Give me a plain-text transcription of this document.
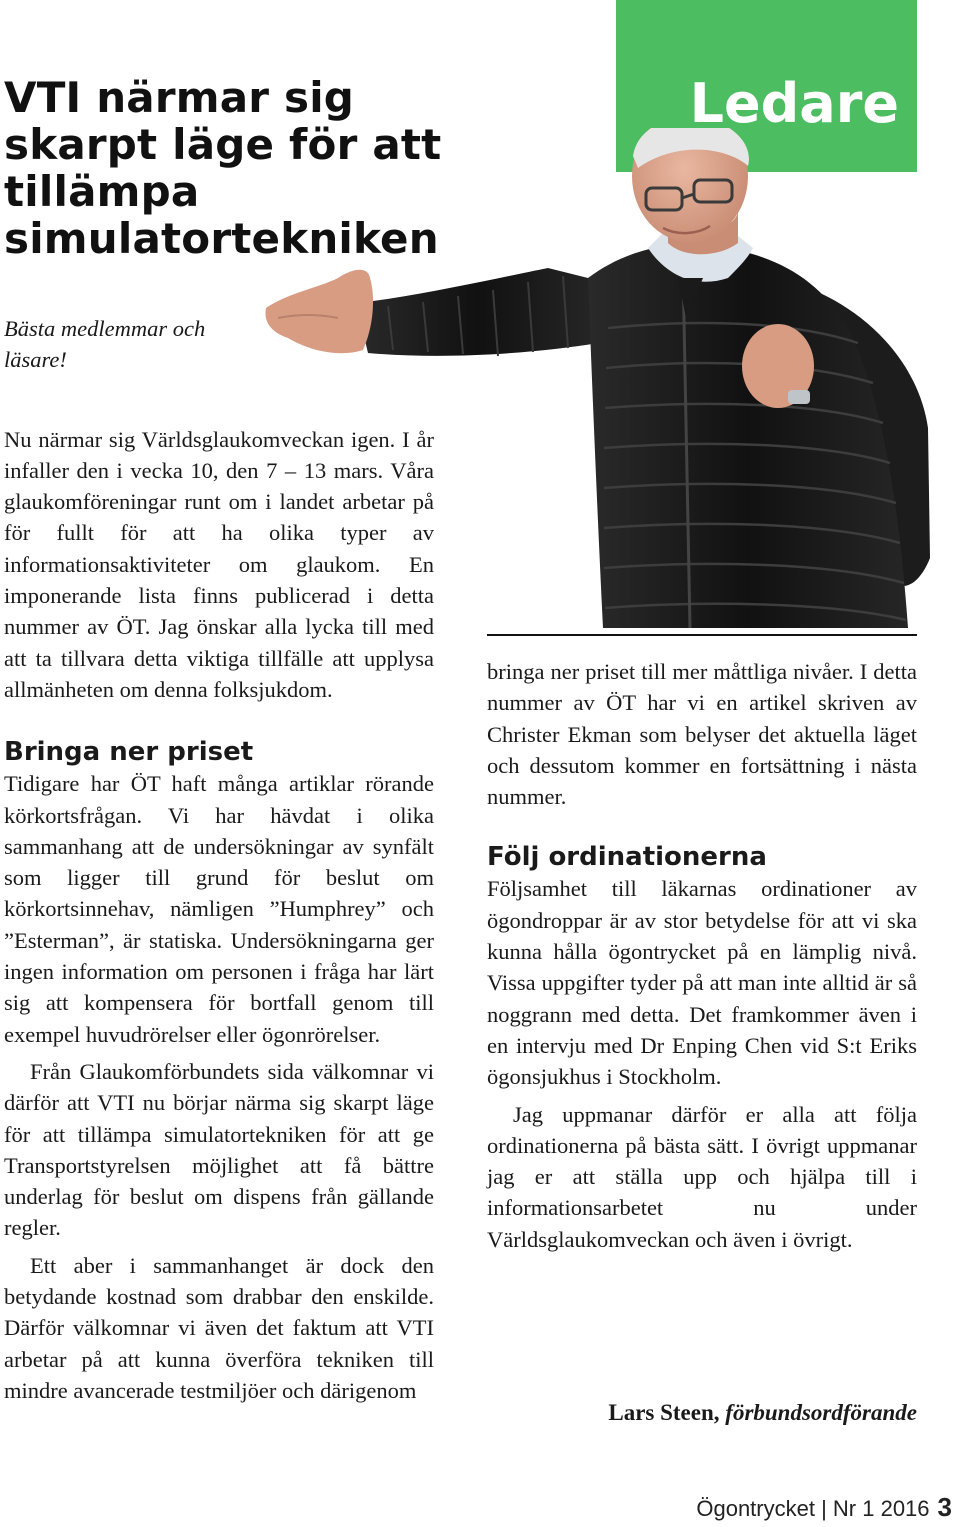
VTI närmar sig skarpt läge för att tillämpa simulatortekniken
Ledare

Bästa medlemmar och läsare!

Nu närmar sig Världsglaukomveckan igen. I år infaller den i vecka 10, den 7 – 13 mars. Våra glaukomföreningar runt om i landet arbetar på för fullt för att ha olika typer av informationsaktiviteter om glaukom. En imponerande lista finns publicerad i detta nummer av ÖT. Jag önskar alla lycka till med att ta tillvara detta viktiga tillfälle att upplysa allmänheten om denna folksjukdom.

Bringa ner priset

Tidigare har ÖT haft många artiklar rörande körkortsfrågan. Vi har hävdat i olika sammanhang att de undersökningar av synfält som ligger till grund för beslut om körkortsinnehav, nämligen ”Humphrey” och ”Esterman”, är statiska. Undersökningarna ger ingen information om personen i fråga har lärt sig att kompensera för bortfall genom till exempel huvudrörelser eller ögonrörelser.

Från Glaukomförbundets sida välkomnar vi därför att VTI nu börjar närma sig skarpt läge för att tillämpa simulatortekniken för att ge Transportstyrelsen möjlighet att få bättre underlag för beslut om dispens från gällande regler.

Ett aber i sammanhanget är dock den betydande kostnad som drabbar den enskilde. Därför välkomnar vi även det faktum att VTI arbetar på att kunna överföra tekniken till mindre avancerade testmiljöer och därigenom

bringa ner priset till mer måttliga nivåer. I detta nummer av ÖT har vi en artikel skriven av Christer Ekman som belyser det aktuella läget och dessutom kommer en fortsättning i nästa nummer.

Följ ordinationerna

Följsamhet till läkarnas ordinationer av ögondroppar är av stor betydelse för att vi ska kunna hålla ögontrycket på en lämplig nivå. Vissa uppgifter tyder på att man inte alltid är så noggrann med detta. Det framkommer även i en intervju med Dr Enping Chen vid S:t Eriks ögonsjukhus i Stockholm.

Jag uppmanar därför er alla att följa ordinationerna på bästa sätt. I övrigt uppmanar jag er att ställa upp och hjälpa till i informationsarbetet nu under Världsglaukomveckan och även i övrigt.

Lars Steen, förbundsordförande
Ögontrycket | Nr 1 2016 3
